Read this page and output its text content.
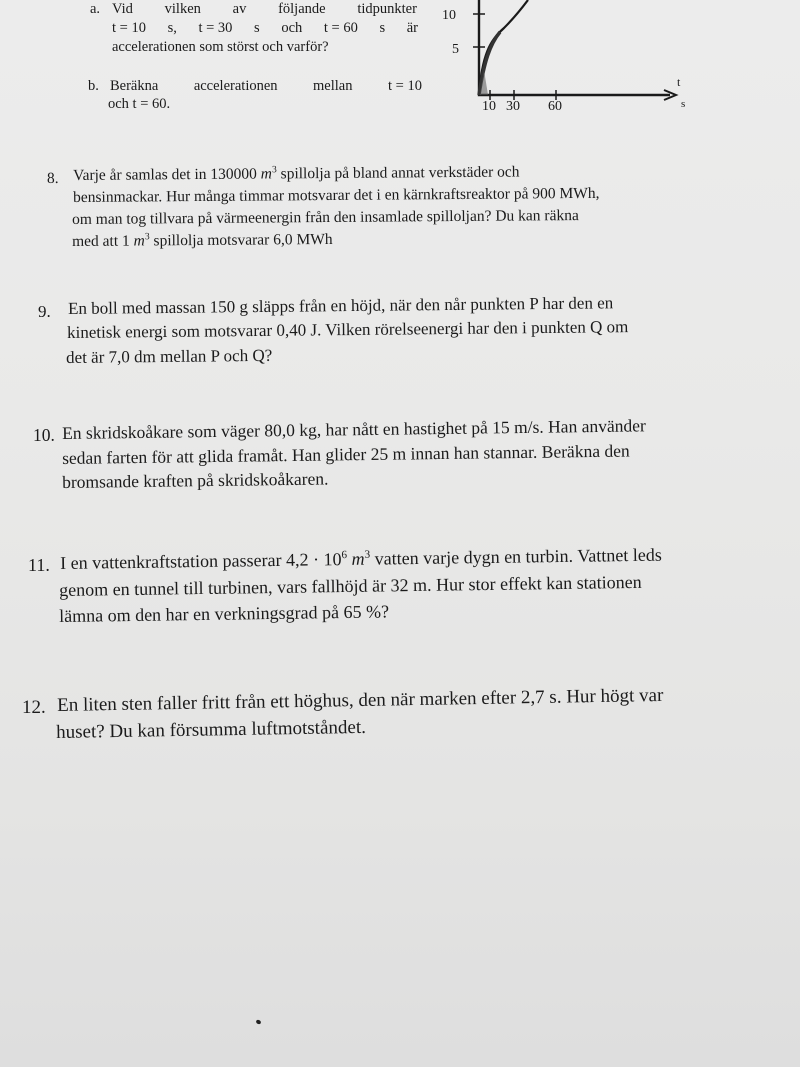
a. Vid vilken av följande tidpunkter
t = 10 s, t = 30 s och t = 60 s är
accelerationen som störst och varför?
b. Beräkna accelerationen mellan t = 10
och t = 60.
10
5
10 30 60
t
s
8. Varje år samlas det in 130000 $m^3$ spillolja på bland annat verkstäder och
bensinmackar. Hur många timmar motsvarar det i en kärnkraftsreaktor på 900 MWh,
om man tog tillvara på värmeenergin från den insamlade spilloljan? Du kan räkna
med att 1 $m^3$ spillolja motsvarar 6,0 MWh
9. En boll med massan 150 g släpps från en höjd, när den når punkten P har den en
kinetisk energi som motsvarar 0,40 J. Vilken rörelseenergi har den i punkten Q om
det är 7,0 dm mellan P och Q?
10. En skridskoåkare som väger 80,0 kg, har nått en hastighet på 15 m/s. Han använder
sedan farten för att glida framåt. Han glider 25 m innan han stannar. Beräkna den
bromsande kraften på skridskoåkaren.
11. I en vattenkraftstation passerar $4,2 \cdot 10^6$ $m^3$ vatten varje dygn en turbin. Vattnet leds
genom en tunnel till turbinen, vars fallhöjd är 32 m. Hur stor effekt kan stationen
lämna om den har en verkningsgrad på 65 %?
12. En liten sten faller fritt från ett höghus, den när marken efter 2,7 s. Hur högt var
huset? Du kan försumma luftmotståndet.
